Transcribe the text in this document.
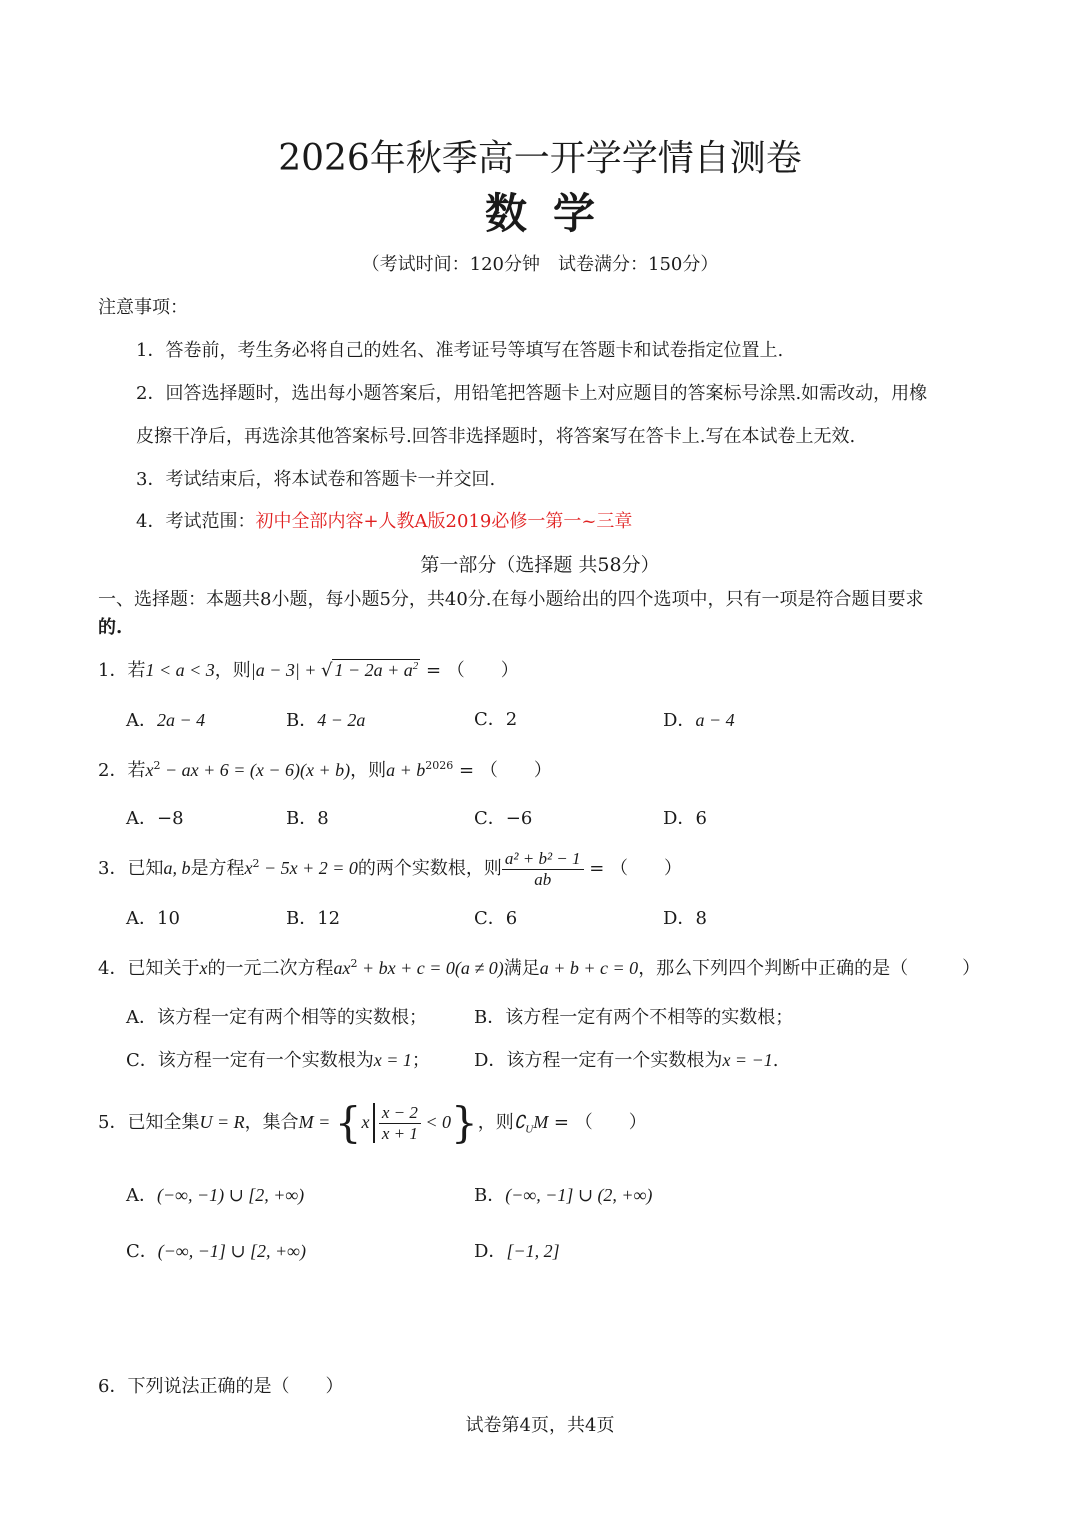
2026年秋季高一开学学情自测卷
数学
（考试时间：120分钟　试卷满分：150分）
注意事项：
1．答卷前，考生务必将自己的姓名、准考证号等填写在答题卡和试卷指定位置上.
2．回答选择题时，选出每小题答案后，用铅笔把答题卡上对应题目的答案标号涂黑.如需改动，用橡
皮擦干净后，再选涂其他答案标号.回答非选择题时，将答案写在答卡上.写在本试卷上无效.
3．考试结束后，将本试卷和答题卡一并交回.
4．考试范围：初中全部内容+人教A版2019必修一第一~三章
第一部分（选择题 共58分）
一、选择题：本题共8小题，每小题5分，共40分.在每小题给出的四个选项中，只有一项是符合题目要求
的.
1．若1 < a < 3，则|a − 3| + √ $1 - 2a + a^2$ = （　　）
A．2a − 4	B．4 − 2a	C．2	D．a − 4
2．若$x^2$ − ax + 6 = (x − 6)(x + b)，则$a + b^{2026}$ = （　　）
A．−8	B．8	C．−6	D．6
3．已知a, b是方程$x^2 - 5x + 2 = 0$的两个实数根，则 $\frac{\text{a² + b² − 1}}{ab}$ = （　　）
A．10	B．12	C．6	D．8
4．已知关于x的一元二次方程$ax^2$ + bx + c = 0(a ≠ 0)满足a + b + c = 0，那么下列四个判断中正确的是（　　　）
A．该方程一定有两个相等的实数根；	B．该方程一定有两个不相等的实数根；
C．该方程一定有一个实数根为x = 1； D．该方程一定有一个实数根为x = −1.
5．已知全集U = R，集合$M = \{x \frac{x - 2}{x + 1} < 0\}$，则$∁_UM$ = （　　）
A．(−∞, −1) ∪ [2, +∞)	B．(−∞, −1] ∪ (2, +∞)
C．(−∞, −1] ∪ [2, +∞)	D．[−1, 2]
6．下列说法正确的是（　　）
试卷第4页，共4页
